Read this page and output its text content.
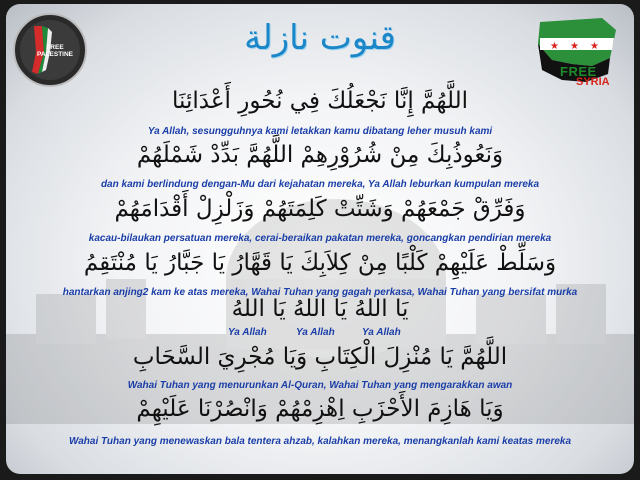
FREE PALESTINE	قنوت نازلة	★ ★ ★
FREE
SYRIA
اللَّهُمَّ إِنَّا نَجْعَلُكَ فِي نُحُورِ أَعْدَائِنَا
Ya Allah, sesungguhnya kami letakkan kamu dibatang leher musuh kami
وَنَعُوذُبِكَ مِنْ شُرُوْرِهِمْ اللَّهُمَّ بَدِّدْ شَمْلَهُمْ
dan kami berlindung dengan-Mu dari kejahatan mereka, Ya Allah leburkan kumpulan mereka
وَفَرِّقْ جَمْعَهُمْ وَشَتِّتْ كَلِمَتَهُمْ وَزَلْزِلْ أَقْدَامَهُمْ
kacau-bilaukan persatuan mereka, cerai-beraikan pakatan mereka, goncangkan pendirian mereka
وَسَلِّطْ عَلَيْهِمْ كَلْبًا مِنْ كِلاَبِكَ يَا قَهَّارُ يَا جَبَّارُ يَا مُنْتَقِمُ
hantarkan anjing2 kam ke atas mereka, Wahai Tuhan yang gagah perkasa, Wahai Tuhan yang bersifat murka
يَا اللهُ يَا اللهُ يَا اللهُ
Ya Allah	Ya Allah	Ya Allah
اللَّهُمَّ يَا مُنْزِلَ الْكِتَابِ وَيَا مُجْرِيَ السَّحَابِ
Wahai Tuhan yang menurunkan Al-Quran, Wahai Tuhan yang mengarakkan awan
وَيَا هَازِمَ الأَحْزَبِ اِهْزِمْهُمْ وَانْصُرْنَا عَلَيْهِمْ
Wahai Tuhan yang menewaskan bala tentera ahzab, kalahkan mereka, menangkanlah kami keatas mereka
